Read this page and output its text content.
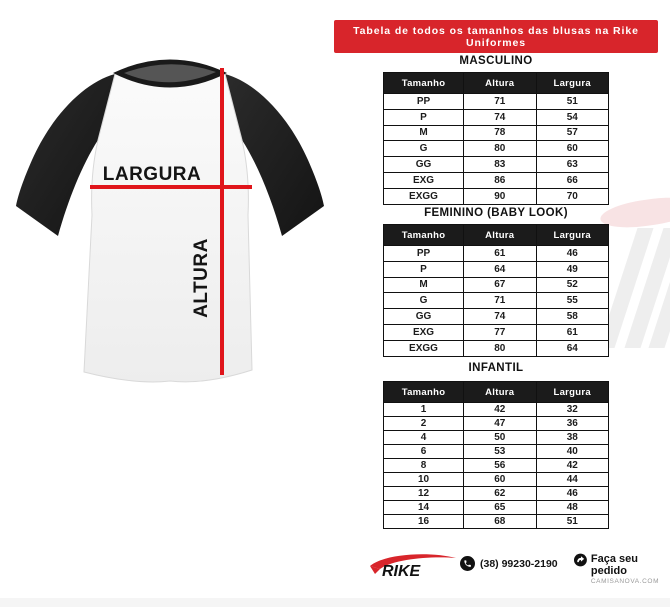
LARGURA
ALTURA
Tabela de todos os tamanhos das blusas na Rike Uniformes
MASCULINO
Tamanho	Altura	Largura
PP	71	51
P	74	54
M	78	57
G	80	60
GG	83	63
EXG	86	66
EXGG	90	70
FEMININO (BABY LOOK)
Tamanho	Altura	Largura
PP	61	46
P	64	49
M	67	52
G	71	55
GG	74	58
EXG	77	61
EXGG	80	64
INFANTIL
Tamanho	Altura	Largura
1	42	32
2	47	36
4	50	38
6	53	40
8	56	42
10	60	44
12	62	46
14	65	48
16	68	51
RIKE	(38) 99230-2190	Faça seu pedido
CAMISANOVA.COM
